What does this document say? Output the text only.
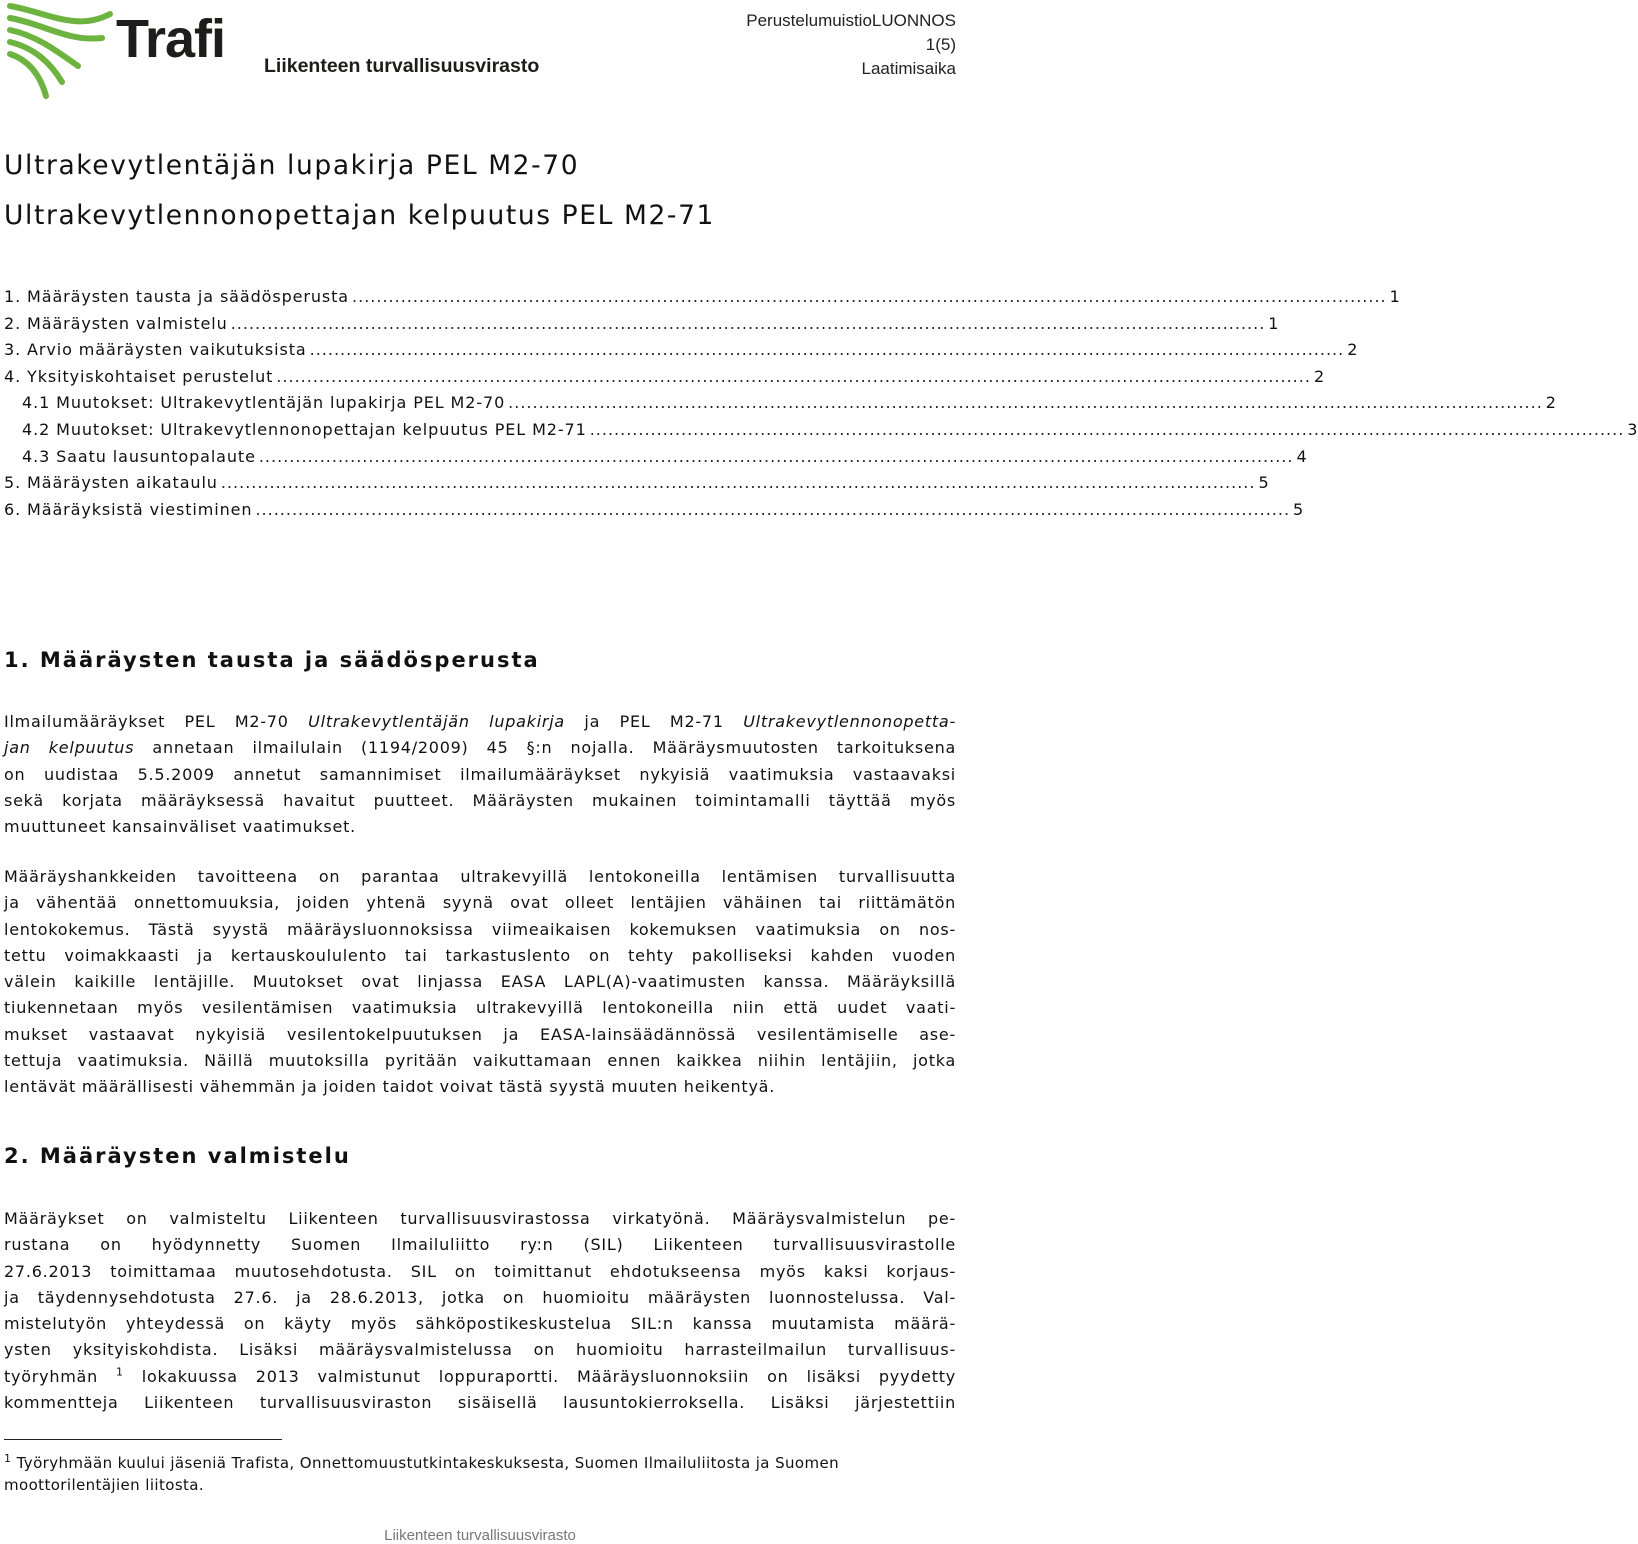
Trafi Liikenteen turvallisuusvirasto
PerustelumuistioLUONNOS
1(5)
Laatimisaika
Ultrakevytlentäjän lupakirja PEL M2-70
Ultrakevytlennonopettajan kelpuutus PEL M2-71
1. Määräysten tausta ja säädösperusta .......................................................................................................................................................................... 1
2. Määräysten valmistelu .......................................................................................................................................................................... 1
3. Arvio määräysten vaikutuksista .......................................................................................................................................................................... 2
4. Yksityiskohtaiset perustelut .......................................................................................................................................................................... 2
4.1 Muutokset: Ultrakevytlentäjän lupakirja PEL M2-70 .......................................................................................................................................................................... 2
4.2 Muutokset: Ultrakevytlennonopettajan kelpuutus PEL M2-71 .......................................................................................................................................................................... 3
4.3 Saatu lausuntopalaute .......................................................................................................................................................................... 4
5. Määräysten aikataulu .......................................................................................................................................................................... 5
6. Määräyksistä viestiminen .......................................................................................................................................................................... 5
1. Määräysten tausta ja säädösperusta
Ilmailumääräykset PEL M2-70 Ultrakevytlentäjän lupakirja ja PEL M2-71 Ultrakevytlennonopetta-
jan kelpuutus annetaan ilmailulain (1194/2009) 45 §:n nojalla. Määräysmuutosten tarkoituksena
on uudistaa 5.5.2009 annetut samannimiset ilmailumääräykset nykyisiä vaatimuksia vastaavaksi
sekä korjata määräyksessä havaitut puutteet. Määräysten mukainen toimintamalli täyttää myös
muuttuneet kansainväliset vaatimukset.
Määräyshankkeiden tavoitteena on parantaa ultrakevyillä lentokoneilla lentämisen turvallisuutta
ja vähentää onnettomuuksia, joiden yhtenä syynä ovat olleet lentäjien vähäinen tai riittämätön
lentokokemus. Tästä syystä määräysluonnoksissa viimeaikaisen kokemuksen vaatimuksia on nos-
tettu voimakkaasti ja kertauskoululento tai tarkastuslento on tehty pakolliseksi kahden vuoden
välein kaikille lentäjille. Muutokset ovat linjassa EASA LAPL(A)-vaatimusten kanssa. Määräyksillä
tiukennetaan myös vesilentämisen vaatimuksia ultrakevyillä lentokoneilla niin että uudet vaati-
mukset vastaavat nykyisiä vesilentokelpuutuksen ja EASA-lainsäädännössä vesilentämiselle ase-
tettuja vaatimuksia. Näillä muutoksilla pyritään vaikuttamaan ennen kaikkea niihin lentäjiin, jotka
lentävät määrällisesti vähemmän ja joiden taidot voivat tästä syystä muuten heikentyä.
2. Määräysten valmistelu
Määräykset on valmisteltu Liikenteen turvallisuusvirastossa virkatyönä. Määräysvalmistelun pe-
rustana on hyödynnetty Suomen Ilmailuliitto ry:n (SIL) Liikenteen turvallisuusvirastolle
27.6.2013 toimittamaa muutosehdotusta. SIL on toimittanut ehdotukseensa myös kaksi korjaus-
ja täydennysehdotusta 27.6. ja 28.6.2013, jotka on huomioitu määräysten luonnostelussa. Val-
mistelutyön yhteydessä on käyty myös sähköpostikeskustelua SIL:n kanssa muutamista määrä-
ysten yksityiskohdista. Lisäksi määräysvalmistelussa on huomioitu harrasteilmailun turvallisuus-
työryhmän $^1$ lokakuussa 2013 valmistunut loppuraportti. Määräysluonnoksiin on lisäksi pyydetty
kommentteja Liikenteen turvallisuusviraston sisäisellä lausuntokierroksella. Lisäksi järjestettiin

$^1$ Työryhmään kuului jäseniä Trafista, Onnettomuustutkintakeskuksesta, Suomen Ilmailuliitosta ja Suomen moottorilentäjien liitosta.

Liikenteen turvallisuusvirasto
